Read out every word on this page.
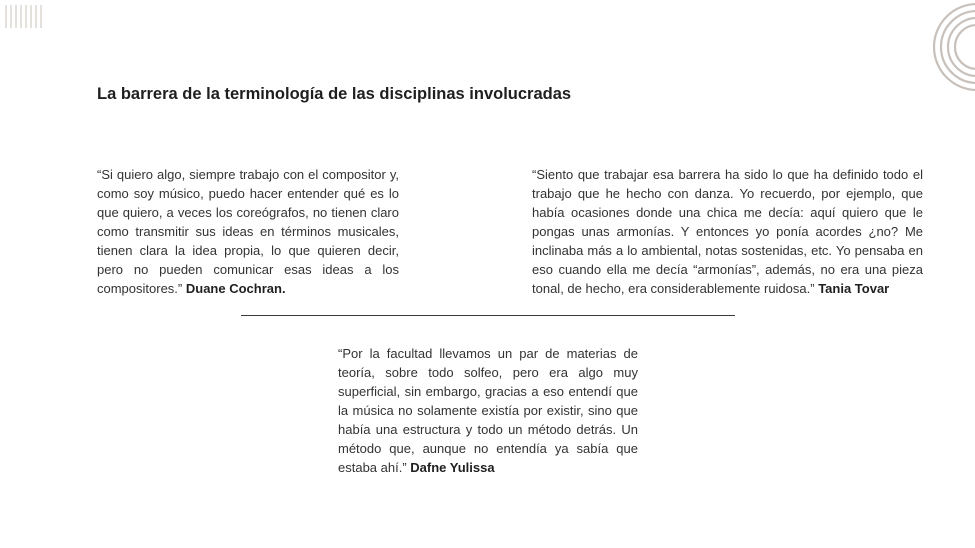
La barrera de la terminología de las disciplinas involucradas

“Si quiero algo, siempre trabajo con el compositor y, como soy músico, puedo hacer entender qué es lo que quiero, a veces los coreógrafos, no tienen claro como transmitir sus ideas en términos musicales, tienen clara la idea propia, lo que quieren decir, pero no pueden comunicar esas ideas a los compositores.” Duane Cochran.

“Siento que trabajar esa barrera ha sido lo que ha definido todo el trabajo que he hecho con danza. Yo recuerdo, por ejemplo, que había ocasiones donde una chica me decía: aquí quiero que le pongas unas armonías. Y entonces yo ponía acordes ¿no? Me inclinaba más a lo ambiental, notas sostenidas, etc. Yo pensaba en eso cuando ella me decía “armonías”, además, no era una pieza tonal, de hecho, era considerablemente ruidosa.” Tania Tovar

“Por la facultad llevamos un par de materias de teoría, sobre todo solfeo, pero era algo muy superficial, sin embargo, gracias a eso entendí que la música no solamente existía por existir, sino que había una estructura y todo un método detrás. Un método que, aunque no entendía ya sabía que estaba ahí.” Dafne Yulissa
